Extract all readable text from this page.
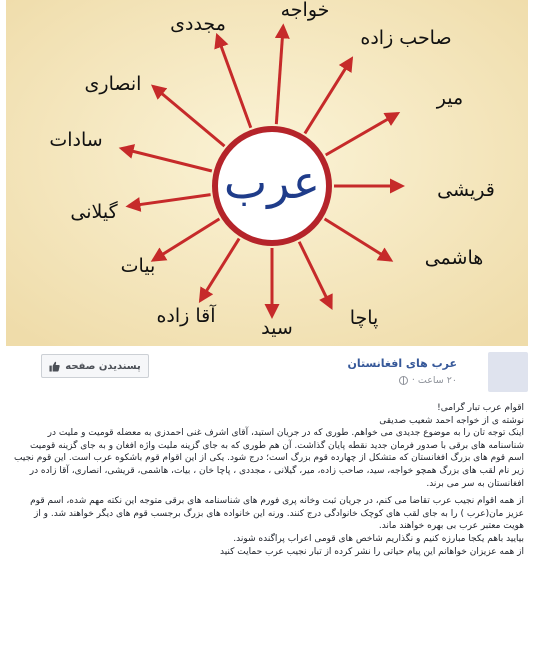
عرب
خواجه
صاحب زاده
میر
قریشی
هاشمی
پاچا
سید
آقا زاده
بیات
گیلانی
سادات
انصاری
مجددی
عرب هاى افغانستان
۲۰ ساعت ·
پسندیدن صفحه

اقوام عرب تبار گرامی!

نوشته ی از خواجه احمد شعیب صدیقی

اینک توجه تان را به موضوع جدیدی می خواهم. طوری که در جریان استید، آقای اشرف غنی احمدزی به معضله قومیت و ملیت در شناسنامه های برقی با صدور فرمان جدید نقطه پایان گذاشت. آن هم طوری که به جای گزینه ملیت واژه افغان و به جای گزینه قومیت اسم قوم های بزرگ افغانستان که متشکل از چهارده قوم بزرگ است؛ درج شود. یکی از این اقوام قوم باشکوه عرب است. این قوم نجیب زیر نام لقب های بزرگ همچو خواجه، سید، صاحب زاده، میر، گیلانی ، مجددی ، پاچا خان ، بیات، هاشمی، قریشی، انصاری، آقا زاده در افغانستان به سر می برند.

از همه اقوام نجیب عرب تقاضا می کنم، در جریان ثبت وخانه پری فورم های شناسنامه های برقی متوجه این نکته مهم شده، اسم قوم عزیز مان(عرب ) را به جای لقب های کوچک خانوادگی درج کنند. ورنه این خانواده های بزرگ برجسب قوم های دیگر خواهند شد. و از هویت معتبر عرب بی بهره خواهند ماند.

بیایید باهم یکجا مبارزه کنیم و نگذاریم شاخص های قومی اعراب پراگنده شوند.

از همه عزیزان خواهانم این پیام حیاتی را نشر کرده از تبار نجیب عرب حمایت کنید
